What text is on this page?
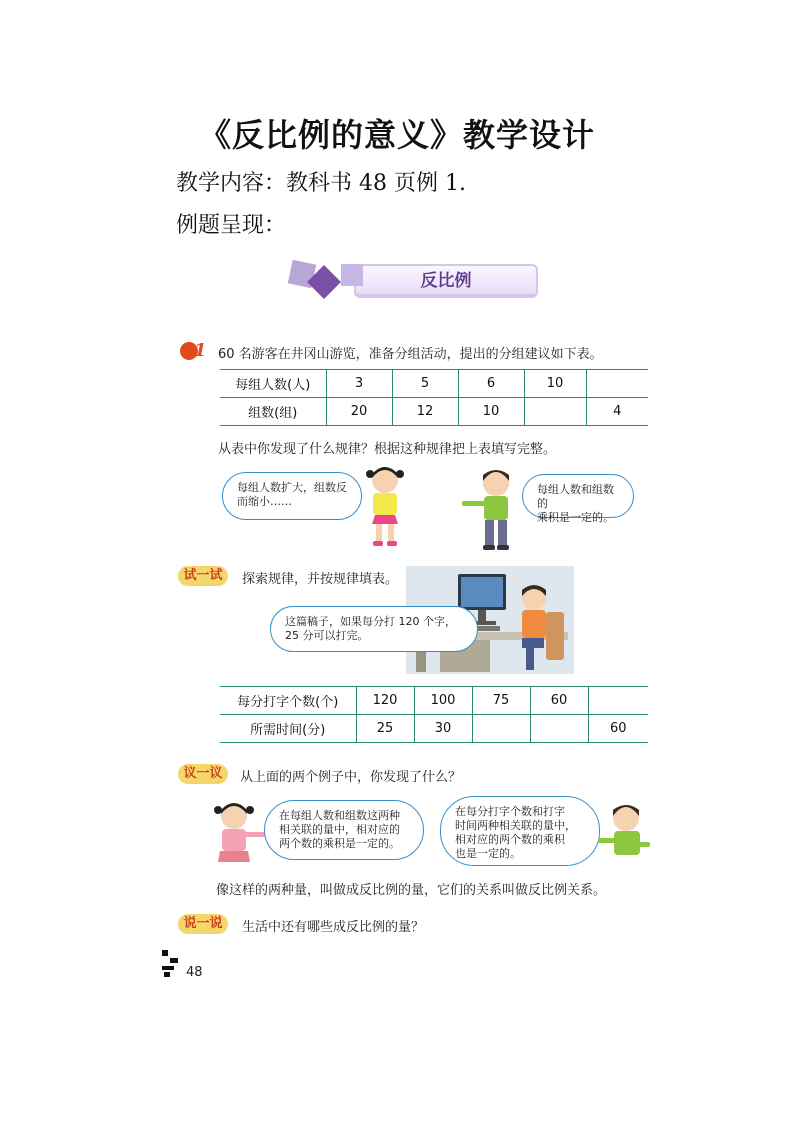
《反比例的意义》教学设计
教学内容：教科书 48 页例 1.
例题呈现：
反比例
1 60 名游客在井冈山游览，准备分组活动，提出的分组建议如下表。
每组人数(人)	3	5	6	10	
组数(组)	20	12	10		4
从表中你发现了什么规律？根据这种规律把上表填写完整。
每组人数扩大，组数反
而缩小……
每组人数和组数的
乘积是一定的。
试一试	探索规律，并按规律填表。
这篇稿子，如果每分打 120 个字，
25 分可以打完。
每分打字个数(个)	120	100	75	60	
所需时间(分)	25	30			60
议一议	从上面的两个例子中，你发现了什么？
在每组人数和组数这两种
相关联的量中，相对应的
两个数的乘积是一定的。
在每分打字个数和打字
时间两种相关联的量中，
相对应的两个数的乘积
也是一定的。
像这样的两种量，叫做成反比例的量，它们的关系叫做反比例关系。
说一说	生活中还有哪些成反比例的量？
48
